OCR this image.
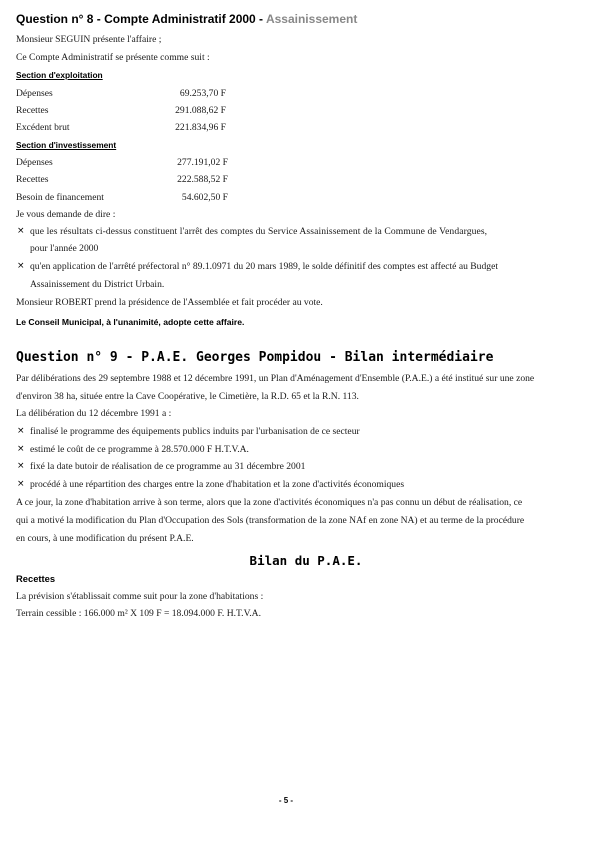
Question n° 8 - Compte Administratif 2000 - Assainissement
Monsieur SEGUIN présente l'affaire ;
Ce Compte Administratif se présente comme suit :
Section d'exploitation
Dépenses	69.253,70 F
Recettes	291.088,62 F
Excédent brut	221.834,96 F
Section d'investissement
Dépenses	277.191,02 F
Recettes	222.588,52 F
Besoin de financement	54.602,50 F
Je vous demande de dire :
× que les résultats ci-dessus constituent l'arrêt des comptes du Service Assainissement de la Commune de Vendargues,
pour l'année 2000
× qu'en application de l'arrêté préfectoral n° 89.1.0971 du 20 mars 1989, le solde définitif des comptes est affecté au Budget
Assainissement du District Urbain.
Monsieur ROBERT prend la présidence de l'Assemblée et fait procéder au vote.
Le Conseil Municipal, à l'unanimité, adopte cette affaire.
Question n° 9 - P.A.E. Georges Pompidou - Bilan intermédiaire
Par délibérations des 29 septembre 1988 et 12 décembre 1991, un Plan d'Aménagement d'Ensemble (P.A.E.) a été institué sur une zone
d'environ 38 ha, située entre la Cave Coopérative, le Cimetière, la R.D. 65 et la R.N. 113.
La délibération du 12 décembre 1991 a :
× finalisé le programme des équipements publics induits par l'urbanisation de ce secteur
× estimé le coût de ce programme à 28.570.000 F H.T.V.A.
× fixé la date butoir de réalisation de ce programme au 31 décembre 2001
× procédé à une répartition des charges entre la zone d'habitation et la zone d'activités économiques
A ce jour, la zone d'habitation arrive à son terme, alors que la zone d'activités économiques n'a pas connu un début de réalisation, ce
qui a motivé la modification du Plan d'Occupation des Sols (transformation de la zone NAf en zone NA) et au terme de la procédure
en cours, à une modification du présent P.A.E.
Bilan du P.A.E.
Recettes
La prévision s'établissait comme suit pour la zone d'habitations :
Terrain cessible : 166.000 m² X 109 F = 18.094.000 F. H.T.V.A.
- 5 -
